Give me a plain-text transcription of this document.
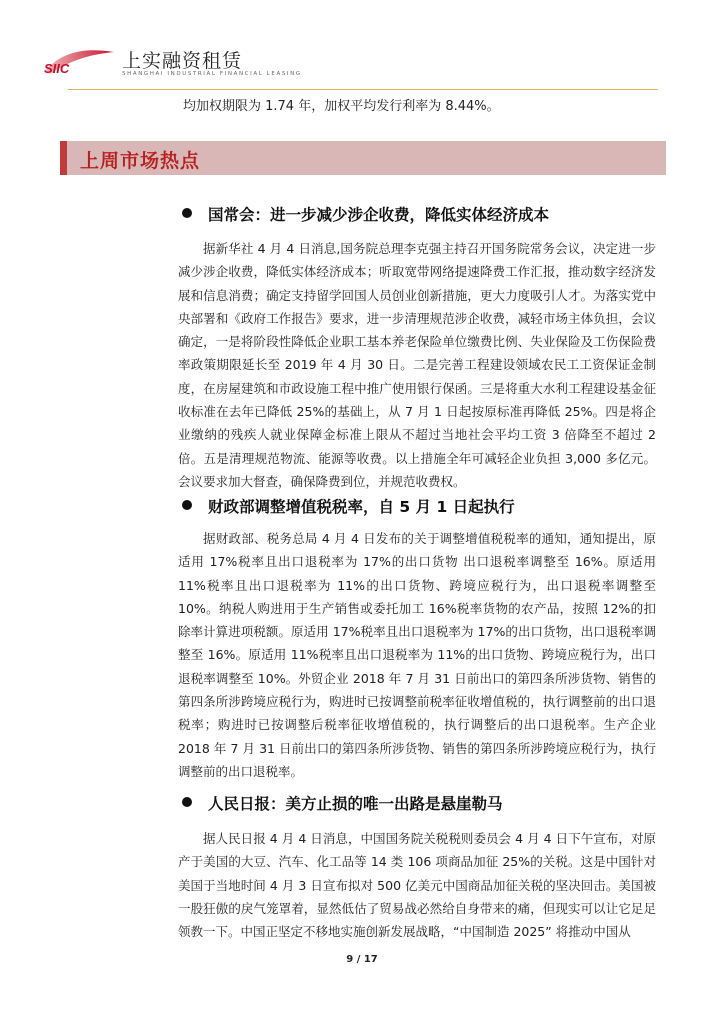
SIIC	上实融资租赁
SHANGHAI INDUSTRIAL FINANCIAL LEASING
均加权期限为 1.74 年，加权平均发行利率为 8.44%。
上周市场热点
国常会：进一步减少涉企收费，降低实体经济成本

据新华社 4 月 4 日消息,国务院总理李克强主持召开国务院常务会议，决定进一步减少涉企收费，降低实体经济成本；听取宽带网络提速降费工作汇报，推动数字经济发展和信息消费；确定支持留学回国人员创业创新措施，更大力度吸引人才。为落实党中央部署和《政府工作报告》要求，进一步清理规范涉企收费，减轻市场主体负担，会议确定，一是将阶段性降低企业职工基本养老保险单位缴费比例、失业保险及工伤保险费率政策期限延长至 2019 年 4 月 30 日。二是完善工程建设领域农民工工资保证金制度，在房屋建筑和市政设施工程中推广使用银行保函。三是将重大水利工程建设基金征收标准在去年已降低 25%的基础上，从 7 月 1 日起按原标准再降低 25%。四是将企业缴纳的残疾人就业保障金标准上限从不超过当地社会平均工资 3 倍降至不超过 2 倍。五是清理规范物流、能源等收费。以上措施全年可减轻企业负担 3,000 多亿元。会议要求加大督查，确保降费到位，并规范收费权。

财政部调整增值税税率，自 5 月 1 日起执行

据财政部、税务总局 4 月 4 日发布的关于调整增值税税率的通知，通知提出，原适用 17%税率且出口退税率为 17%的出口货物 出口退税率调整至 16%。原适用 11%税率且出口退税率为 11%的出口货物、跨境应税行为，出口退税率调整至 10%。纳税人购进用于生产销售或委托加工 16%税率货物的农产品，按照 12%的扣除率计算进项税额。原适用 17%税率且出口退税率为 17%的出口货物，出口退税率调整至 16%。原适用 11%税率且出口退税率为 11%的出口货物、跨境应税行为，出口退税率调整至 10%。外贸企业 2018 年 7 月 31 日前出口的第四条所涉货物、销售的第四条所涉跨境应税行为，购进时已按调整前税率征收增值税的，执行调整前的出口退税率；购进时已按调整后税率征收增值税的，执行调整后的出口退税率。生产企业 2018 年 7 月 31 日前出口的第四条所涉货物、销售的第四条所涉跨境应税行为，执行调整前的出口退税率。

人民日报：美方止损的唯一出路是悬崖勒马

据人民日报 4 月 4 日消息，中国国务院关税税则委员会 4 月 4 日下午宣布，对原产于美国的大豆、汽车、化工品等 14 类 106 项商品加征 25%的关税。这是中国针对美国于当地时间 4 月 3 日宣布拟对 500 亿美元中国商品加征关税的坚决回击。美国被一股狂傲的戾气笼罩着，显然低估了贸易战必然给自身带来的痛，但现实可以让它足足领教一下。中国正坚定不移地实施创新发展战略，“中国制造 2025” 将推动中国从

9 / 17
